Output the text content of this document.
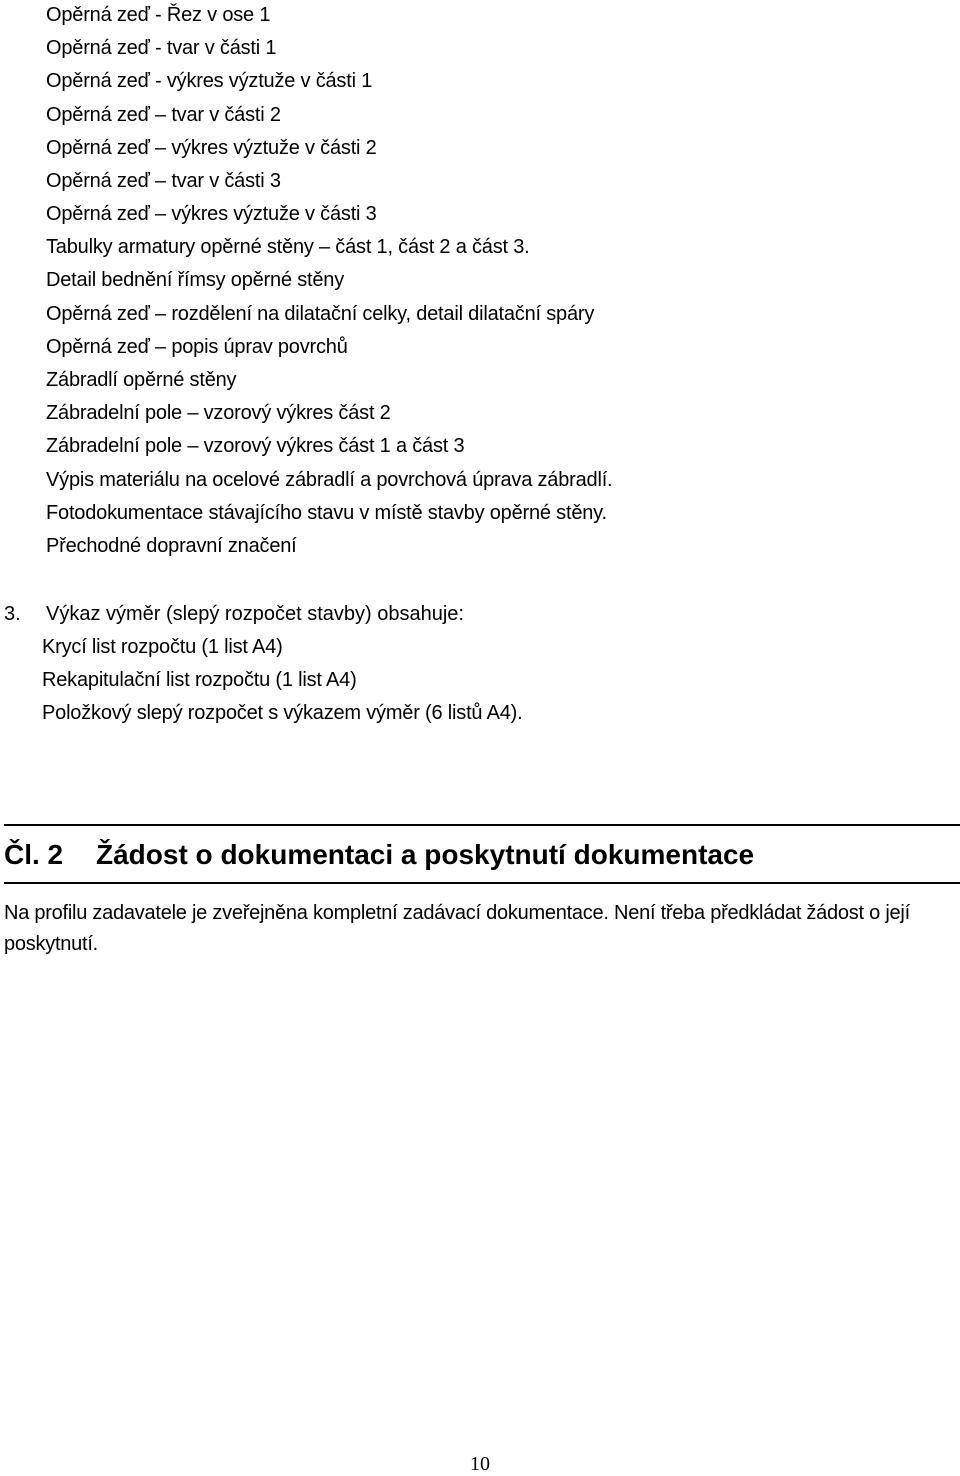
Opěrná zeď - Řez v ose 1
Opěrná zeď - tvar v části 1
Opěrná zeď - výkres výztuže v části 1
Opěrná zeď – tvar v části 2
Opěrná zeď – výkres výztuže v části 2
Opěrná zeď – tvar v části 3
Opěrná zeď – výkres výztuže v části 3
Tabulky armatury opěrné stěny – část 1, část 2 a část 3.
Detail bednění římsy opěrné stěny
Opěrná zeď – rozdělení na dilatační celky, detail dilatační spáry
Opěrná zeď – popis úprav povrchů
Zábradlí opěrné stěny
Zábradelní pole – vzorový výkres část 2
Zábradelní pole – vzorový výkres část 1 a část 3
Výpis materiálu na ocelové zábradlí a povrchová úprava zábradlí.
Fotodokumentace stávajícího stavu v místě stavby opěrné stěny.
Přechodné dopravní značení
3. Výkaz výměr (slepý rozpočet stavby) obsahuje:
Krycí list rozpočtu (1 list A4)
Rekapitulační list rozpočtu (1 list A4)
Položkový slepý rozpočet s výkazem výměr (6 listů A4).
Čl. 2 Žádost o dokumentaci a poskytnutí dokumentace
Na profilu zadavatele je zveřejněna kompletní zadávací dokumentace. Není třeba předkládat žádost o její poskytnutí.
10
